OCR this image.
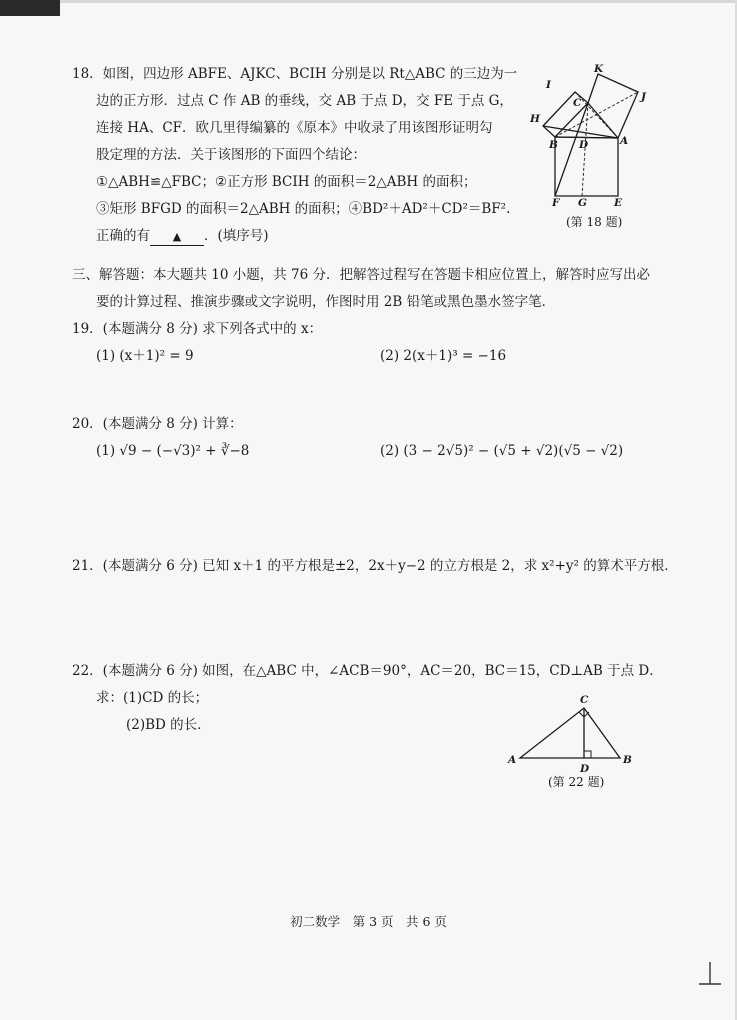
18．如图，四边形 ABFE、AJKC、BCIH 分别是以 Rt△ABC 的三边为一
边的正方形．过点 C 作 AB 的垂线，交 AB 于点 D，交 FE 于点 G，
连接 HA、CF．欧几里得编纂的《原本》中收录了用该图形证明勾
股定理的方法．关于该图形的下面四个结论：
①△ABH≌△FBC；②正方形 BCIH 的面积＝2△ABH 的面积；
③矩形 BFGD 的面积＝2△ABH 的面积；④BD²＋AD²＋CD²＝BF².
正确的有 ▲ ．(填序号)
K
I
J
H
C
B D	A
F G	E
(第 18 题)
三、解答题：本大题共 10 小题，共 76 分．把解答过程写在答题卡相应位置上，解答时应写出必
要的计算过程、推演步骤或文字说明，作图时用 2B 铅笔或黑色墨水签字笔．
19．(本题满分 8 分) 求下列各式中的 x：
(1) (x＋1)² = 9	(2) 2(x＋1)³ = −16
20．(本题满分 8 分) 计算：
(1) √9 − (−√3)² + ∛−8	(2) (3 − 2√5)² − (√5 + √2)(√5 − √2)
21．(本题满分 6 分) 已知 x＋1 的平方根是±2，2x＋y−2 的立方根是 2，求 x²+y² 的算术平方根．
22．(本题满分 6 分) 如图，在△ABC 中，∠ACB＝90°，AC＝20，BC＝15，CD⊥AB 于点 D．
求：(1)CD 的长；
(2)BD 的长．
C
A
D
B
(第 22 题)
初二数学　第 3 页　共 6 页
